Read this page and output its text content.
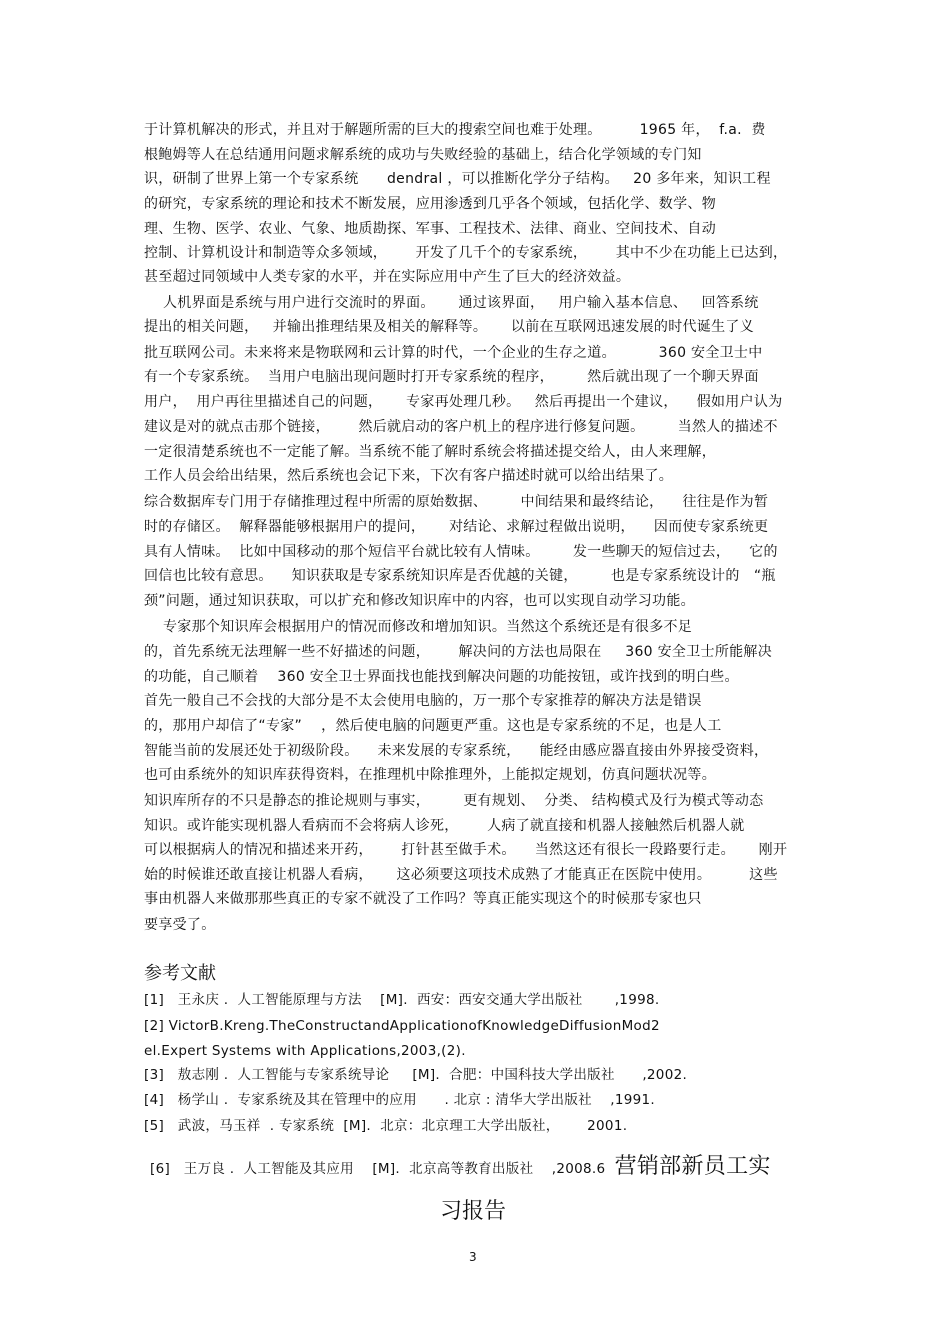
于计算机解决的形式，并且对于解题所需的巨大的搜索空间也难于处理。        1965 年，  f.a.  费
根鲍姆等人在总结通用问题求解系统的成功与失败经验的基础上，结合化学领域的专门知
识，研制了世界上第一个专家系统      dendral ，可以推断化学分子结构。   20 多年来，知识工程
的研究，专家系统的理论和技术不断发展，应用渗透到几乎各个领域，包括化学、数学、物
理、生物、医学、农业、气象、地质勘探、军事、工程技术、法律、商业、空间技术、自动
控制、计算机设计和制造等众多领域，      开发了几千个的专家系统，      其中不少在功能上已达到，
甚至超过同领域中人类专家的水平，并在实际应用中产生了巨大的经济效益。
人机界面是系统与用户进行交流时的界面。     通过该界面，   用户输入基本信息、   回答系统
提出的相关问题，   并输出推理结果及相关的解释等。     以前在互联网迅速发展的时代诞生了义
批互联网公司。未来将来是物联网和云计算的时代，一个企业的生存之道。         360 安全卫士中
有一个专家系统。  当用户电脑出现问题时打开专家系统的程序，       然后就出现了一个聊天界面
用户，  用户再往里描述自己的问题，     专家再处理几秒。   然后再提出一个建议，    假如用户认为
建议是对的就点击那个链接，      然后就启动的客户机上的程序进行修复问题。       当然人的描述不
一定很清楚系统也不一定能了解。当系统不能了解时系统会将描述提交给人，由人来理解，
工作人员会给出结果，然后系统也会记下来，下次有客户描述时就可以给出结果了。
综合数据库专门用于存储推理过程中所需的原始数据、       中间结果和最终结论，    往往是作为暂
时的存储区。  解释器能够根据用户的提问，     对结论、求解过程做出说明，    因而使专家系统更
具有人情味。  比如中国移动的那个短信平台就比较有人情味。       发一些聊天的短信过去，    它的
回信也比较有意思。    知识获取是专家系统知识库是否优越的关键，       也是专家系统设计的   “瓶
颈”问题，通过知识获取，可以扩充和修改知识库中的内容，也可以实现自动学习功能。
专家那个知识库会根据用户的情况而修改和增加知识。当然这个系统还是有很多不足
的，首先系统无法理解一些不好描述的问题，      解决问的方法也局限在     360 安全卫士所能解决
的功能，自己顺着    360 安全卫士界面找也能找到解决问题的功能按钮，或许找到的明白些。
首先一般自己不会找的大部分是不太会使用电脑的，万一那个专家推荐的解决方法是错误
的，那用户却信了“专家”    ，然后使电脑的问题更严重。这也是专家系统的不足，也是人工
智能当前的发展还处于初级阶段。    未来发展的专家系统，    能经由感应器直接由外界接受资料，
也可由系统外的知识库获得资料，在推理机中除推理外，上能拟定规划，仿真问题状况等。
知识库所存的不只是静态的推论规则与事实，       更有规划、  分类、 结构模式及行为模式等动态
知识。或许能实现机器人看病而不会将病人诊死，      人病了就直接和机器人接触然后机器人就
可以根据病人的情况和描述来开药，      打针甚至做手术。    当然这还有很长一段路要行走。     刚开
始的时候谁还敢直接让机器人看病，     这必须要这项技术成熟了才能真正在医院中使用。        这些
事由机器人来做那那些真正的专家不就没了工作吗？等真正能实现这个的时候那专家也只
要享受了。
参考文献
[1]   王永庆 .  人工智能原理与方法    [M].  西安：西安交通大学出版社       ,1998.
[2] VictorB.Kreng.TheConstructandApplicationofKnowledgeDiffusionMod2
el.Expert Systems with Applications,2003,(2).
[3]   敖志刚 .  人工智能与专家系统导论     [M].  合肥：中国科技大学出版社      ,2002.
[4]   杨学山 .  专家系统及其在管理中的应用      . 北京 : 清华大学出版社    ,1991.
[5]   武波，马玉祥  . 专家系统  [M].  北京：北京理工大学出版社，      2001.
[6]   王万良 .  人工智能及其应用    [M].  北京高等教育出版社    ,2008.6  营销部新员工实
习报告
3
